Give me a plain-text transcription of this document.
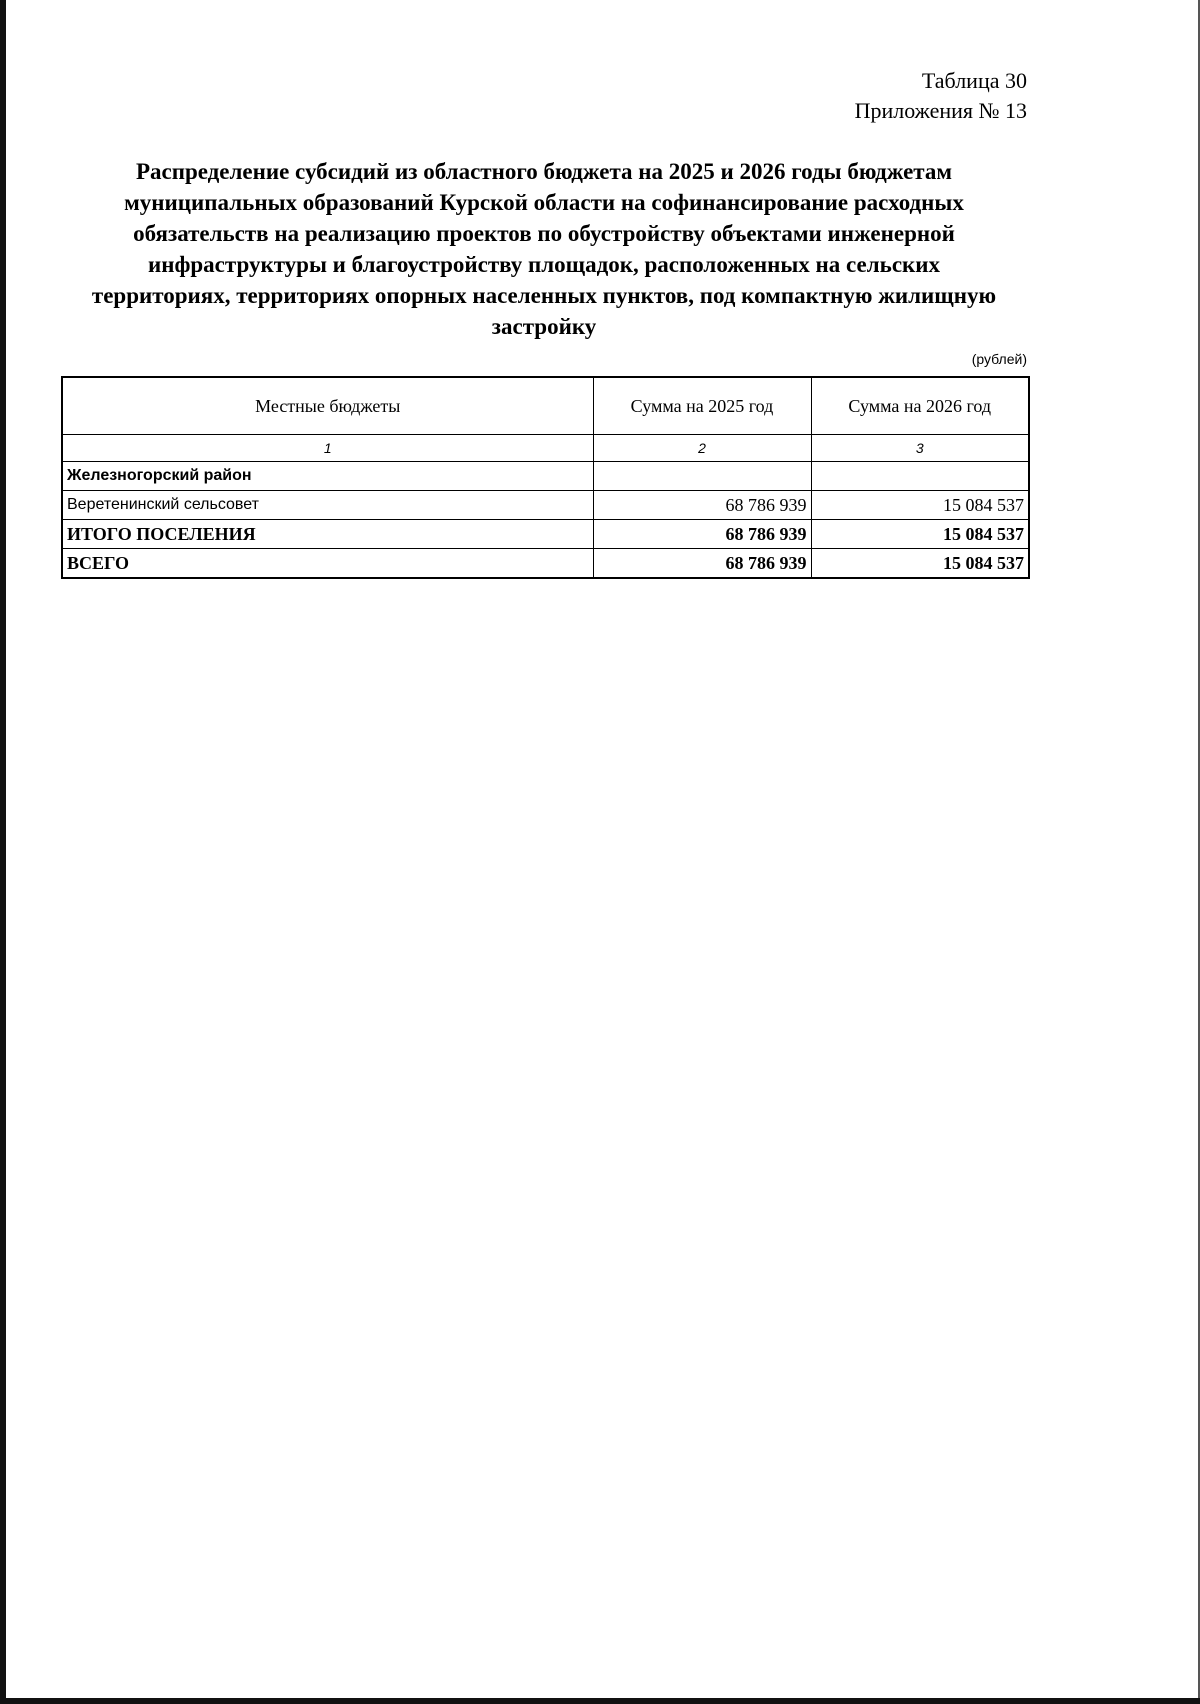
Таблица 30
Приложения № 13
Распределение субсидий из областного бюджета на 2025 и 2026 годы бюджетам
муниципальных образований Курской области на софинансирование расходных
обязательств на реализацию проектов по обустройству объектами инженерной
инфраструктуры и благоустройству площадок, расположенных на сельских
территориях, территориях опорных населенных пунктов, под компактную жилищную
застройку
(рублей)
Местные бюджеты	Сумма на 2025 год	Сумма на 2026 год
1	2	3
Железногорский район		
Веретенинский сельсовет	68 786 939	15 084 537
ИТОГО ПОСЕЛЕНИЯ	68 786 939	15 084 537
ВСЕГО	68 786 939	15 084 537
